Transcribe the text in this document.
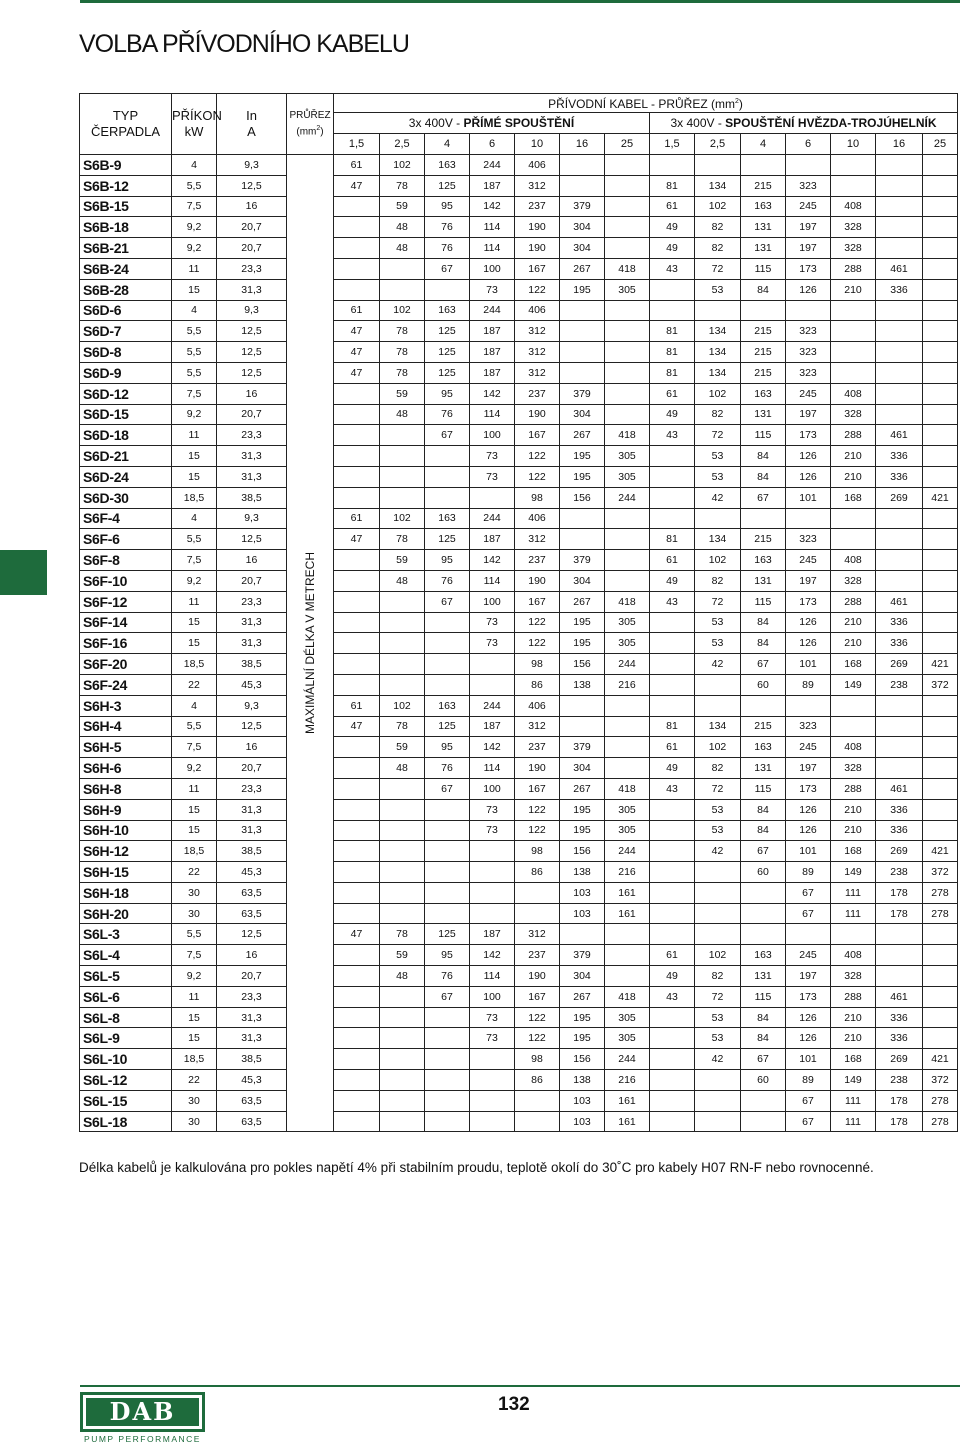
VOLBA PŘÍVODNÍHO KABELU
TYP
ČERPADLA	PŘÍKON
kW	In
A	PRŮŘEZ
$(mm^2)$	PŘÍVODNÍ KABEL - PRŮŘEZ $(mm^2)$													
				3x 400V - PŘÍMÉ SPOUŠTĚNÍ							3x 400V - SPOUŠTĚNÍ HVĚZDA-TROJÚHELNÍK						
				1,5	2,5	4	6	10	16	25	1,5	2,5	4	6	10	16	25
S6B-9	4	9,3	MAXIMÁLNÍ DÉLKA V METRECH	61	102	163	244	406									
S6B-12	5,5	12,5		47	78	125	187	312			81	134	215	323			
S6B-15	7,5	16			59	95	142	237	379		61	102	163	245	408		
S6B-18	9,2	20,7			48	76	114	190	304		49	82	131	197	328		
S6B-21	9,2	20,7			48	76	114	190	304		49	82	131	197	328		
S6B-24	11	23,3				67	100	167	267	418	43	72	115	173	288	461	
S6B-28	15	31,3					73	122	195	305		53	84	126	210	336	
S6D-6	4	9,3		61	102	163	244	406									
S6D-7	5,5	12,5		47	78	125	187	312			81	134	215	323			
S6D-8	5,5	12,5		47	78	125	187	312			81	134	215	323			
S6D-9	5,5	12,5		47	78	125	187	312			81	134	215	323			
S6D-12	7,5	16			59	95	142	237	379		61	102	163	245	408		
S6D-15	9,2	20,7			48	76	114	190	304		49	82	131	197	328		
S6D-18	11	23,3				67	100	167	267	418	43	72	115	173	288	461	
S6D-21	15	31,3					73	122	195	305		53	84	126	210	336	
S6D-24	15	31,3					73	122	195	305		53	84	126	210	336	
S6D-30	18,5	38,5						98	156	244		42	67	101	168	269	421
S6F-4	4	9,3		61	102	163	244	406									
S6F-6	5,5	12,5		47	78	125	187	312			81	134	215	323			
S6F-8	7,5	16			59	95	142	237	379		61	102	163	245	408		
S6F-10	9,2	20,7			48	76	114	190	304		49	82	131	197	328		
S6F-12	11	23,3				67	100	167	267	418	43	72	115	173	288	461	
S6F-14	15	31,3					73	122	195	305		53	84	126	210	336	
S6F-16	15	31,3					73	122	195	305		53	84	126	210	336	
S6F-20	18,5	38,5						98	156	244		42	67	101	168	269	421
S6F-24	22	45,3						86	138	216			60	89	149	238	372
S6H-3	4	9,3		61	102	163	244	406									
S6H-4	5,5	12,5		47	78	125	187	312			81	134	215	323			
S6H-5	7,5	16			59	95	142	237	379		61	102	163	245	408		
S6H-6	9,2	20,7			48	76	114	190	304		49	82	131	197	328		
S6H-8	11	23,3				67	100	167	267	418	43	72	115	173	288	461	
S6H-9	15	31,3					73	122	195	305		53	84	126	210	336	
S6H-10	15	31,3					73	122	195	305		53	84	126	210	336	
S6H-12	18,5	38,5						98	156	244		42	67	101	168	269	421
S6H-15	22	45,3						86	138	216			60	89	149	238	372
S6H-18	30	63,5							103	161				67	111	178	278
S6H-20	30	63,5							103	161				67	111	178	278
S6L-3	5,5	12,5		47	78	125	187	312									
S6L-4	7,5	16			59	95	142	237	379		61	102	163	245	408		
S6L-5	9,2	20,7			48	76	114	190	304		49	82	131	197	328		
S6L-6	11	23,3				67	100	167	267	418	43	72	115	173	288	461	
S6L-8	15	31,3					73	122	195	305		53	84	126	210	336	
S6L-9	15	31,3					73	122	195	305		53	84	126	210	336	
S6L-10	18,5	38,5						98	156	244		42	67	101	168	269	421
S6L-12	22	45,3						86	138	216			60	89	149	238	372
S6L-15	30	63,5							103	161				67	111	178	278
S6L-18	30	63,5							103	161				67	111	178	278
Délka kabelů je kalkulována pro pokles napětí 4% při stabilním proudu, teplotě okolí do 30˚C pro kabely H07 RN-F nebo rovnocenné.
DAB
PUMP PERFORMANCE
132
